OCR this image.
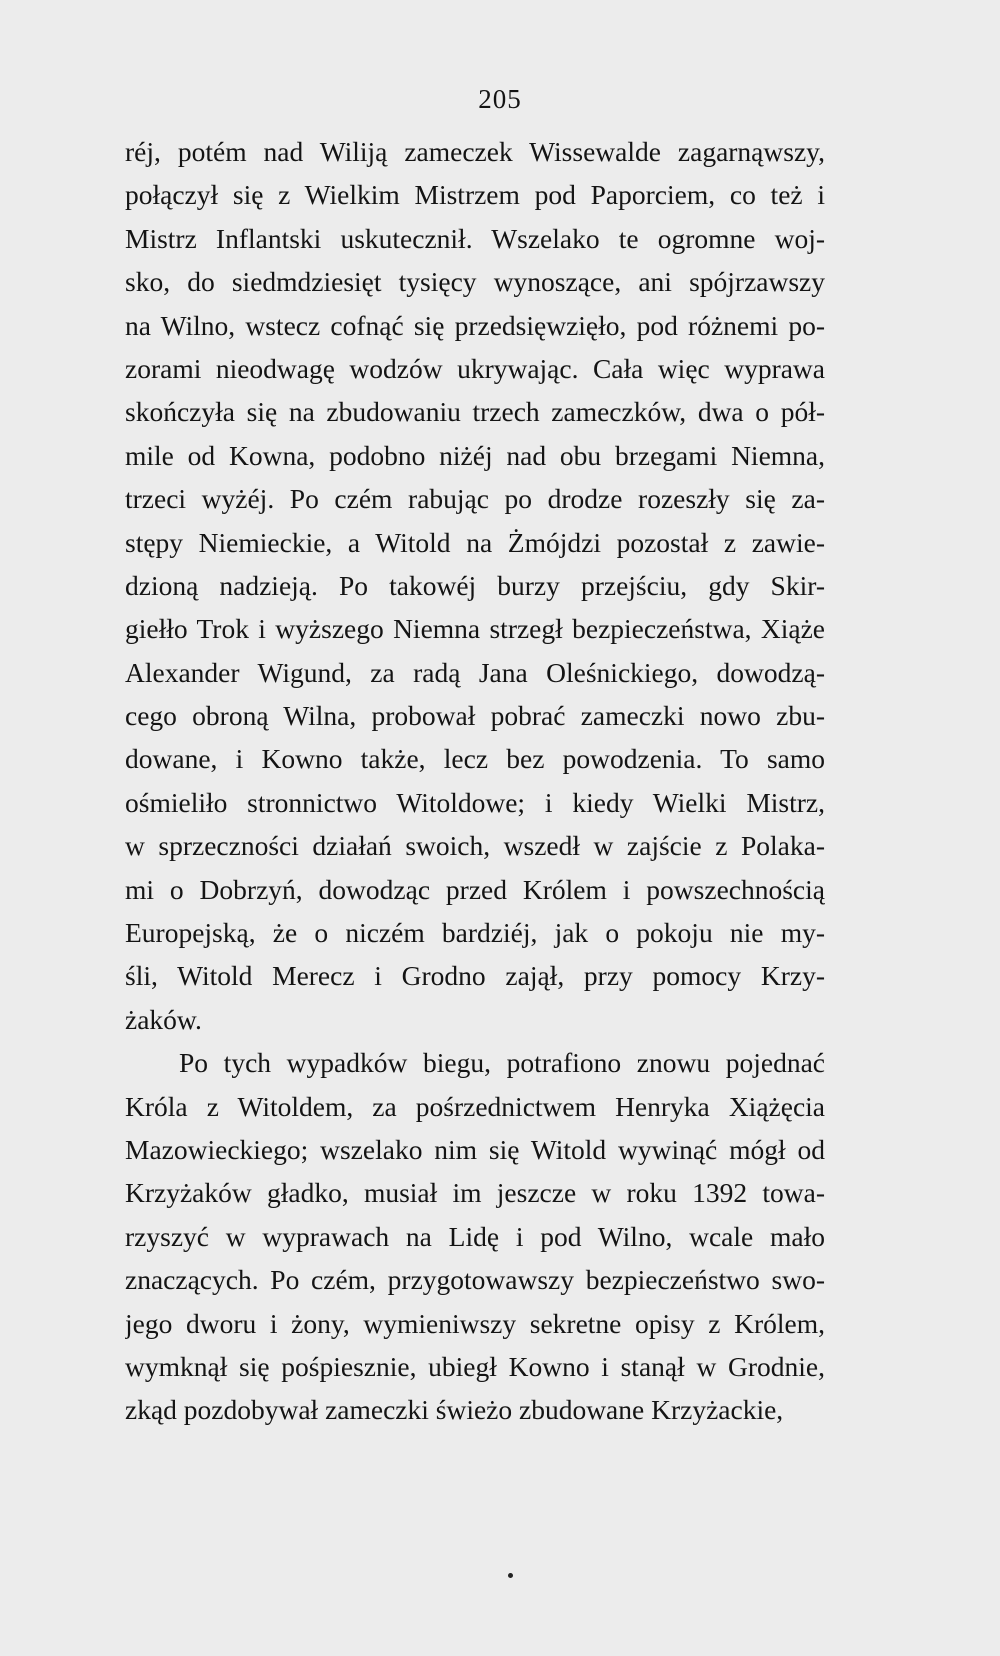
205
réj, potém nad Wiliją zameczek Wissewalde zagarnąwszy,
połączył się z Wielkim Mistrzem pod Paporciem, co też i
Mistrz Inflantski uskutecznił. Wszelako te ogromne woj-
sko, do siedmdziesięt tysięcy wynoszące, ani spójrzawszy
na Wilno, wstecz cofnąć się przedsięwzięło, pod różnemi po-
zorami nieodwagę wodzów ukrywając. Cała więc wyprawa
skończyła się na zbudowaniu trzech zameczków, dwa o pół-
mile od Kowna, podobno niżéj nad obu brzegami Niemna,
trzeci wyżéj. Po czém rabując po drodze rozeszły się za-
stępy Niemieckie, a Witold na Żmójdzi pozostał z zawie-
dzioną nadzieją. Po takowéj burzy przejściu, gdy Skir-
giełło Trok i wyższego Niemna strzegł bezpieczeństwa, Xiąże
Alexander Wigund, za radą Jana Oleśnickiego, dowodzą-
cego obroną Wilna, probował pobrać zameczki nowo zbu-
dowane, i Kowno także, lecz bez powodzenia. To samo
ośmieliło stronnictwo Witoldowe; i kiedy Wielki Mistrz,
w sprzeczności działań swoich, wszedł w zajście z Polaka-
mi o Dobrzyń, dowodząc przed Królem i powszechnością
Europejską, że o niczém bardziéj, jak o pokoju nie my-
śli, Witold Merecz i Grodno zajął, przy pomocy Krzy-
żaków.
Po tych wypadków biegu, potrafiono znowu pojednać
Króla z Witoldem, za pośrzednictwem Henryka Xiążęcia
Mazowieckiego; wszelako nim się Witold wywinąć mógł od
Krzyżaków gładko, musiał im jeszcze w roku 1392 towa-
rzyszyć w wyprawach na Lidę i pod Wilno, wcale mało
znaczących. Po czém, przygotowawszy bezpieczeństwo swo-
jego dworu i żony, wymieniwszy sekretne opisy z Królem,
wymknął się pośpiesznie, ubiegł Kowno i stanął w Grodnie,
zkąd pozdobywał zameczki świeżo zbudowane Krzyżackie,
